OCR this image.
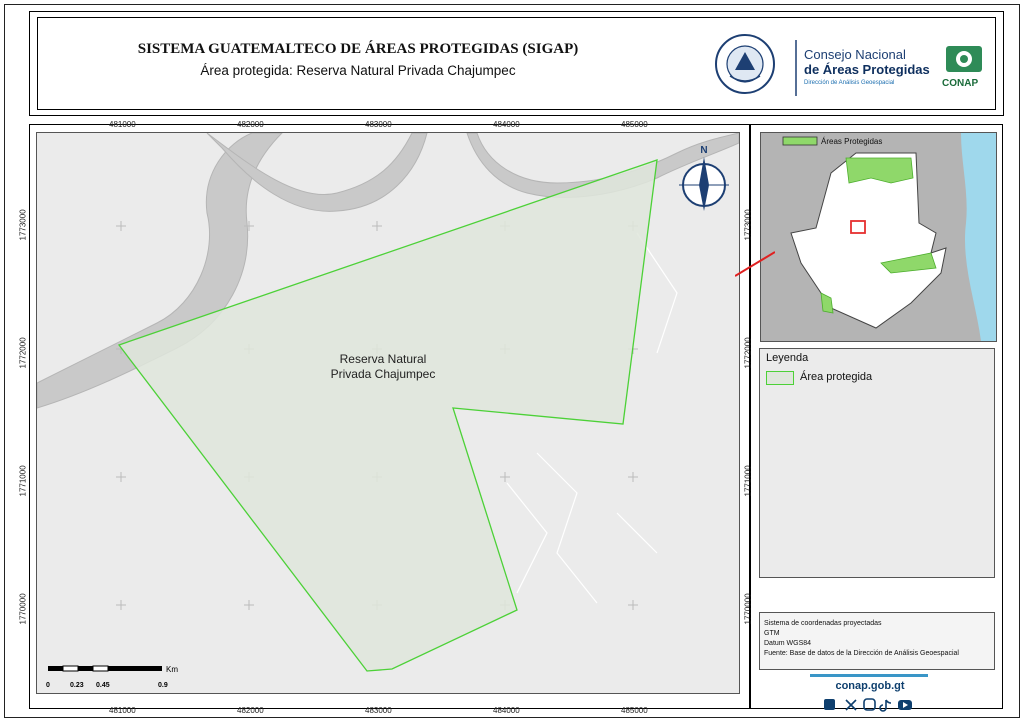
SISTEMA GUATEMALTECO DE ÁREAS PROTEGIDAS (SIGAP)
Área protegida: Reserva Natural Privada Chajumpec
Consejo Nacional
de Áreas Protegidas
Dirección de Análisis Geoespacial	CONAP
481000	482000	483000	484000	485000
481000	482000	483000	484000	485000
1773000
1772000
1771000
1770000
1773000
1772000
1771000
1770000
Reserva Natural
Privada Chajumpec
N
Km
0	0.23 0.45	0.9
Áreas Protegidas
Leyenda
Área protegida
Sistema de coordenadas proyectadas
GTM
Datum WGS84
Fuente: Base de datos de la Dirección de Análisis Geoespacial
conap.gob.gt
